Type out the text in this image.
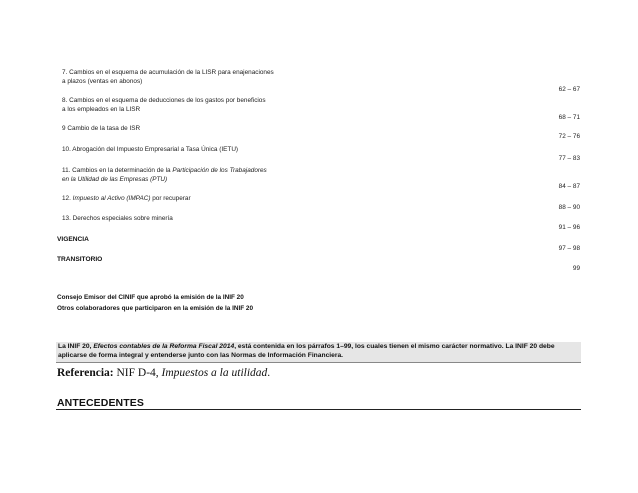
7. Cambios en el esquema de acumulación de la LISR para enajenaciones
a plazos (ventas en abonos)
62 – 67
8. Cambios en el esquema de deducciones de los gastos por beneficios
a los empleados en la LISR
68 – 71
9 Cambio de la tasa de ISR
72 – 76
10. Abrogación del Impuesto Empresarial a Tasa Única (IETU)
77 – 83
11. Cambios en la determinación de la Participación de los Trabajadores
en la Utilidad de las Empresas (PTU)
84 – 87
12. Impuesto al Activo (IMPAC) por recuperar
88 – 90
13. Derechos especiales sobre minería
91 – 96
VIGENCIA
97 – 98
TRANSITORIO
99
Consejo Emisor del CINIF que aprobó la emisión de la INIF 20
Otros colaboradores que participaron en la emisión de la INIF 20
La INIF 20, Efectos contables de la Reforma Fiscal 2014, está contenida en los párrafos 1–99, los cuales tienen el mismo carácter normativo. La INIF 20 debe
aplicarse de forma integral y entenderse junto con las Normas de Información Financiera.
Referencia: NIF D-4, Impuestos a la utilidad.
ANTECEDENTES
